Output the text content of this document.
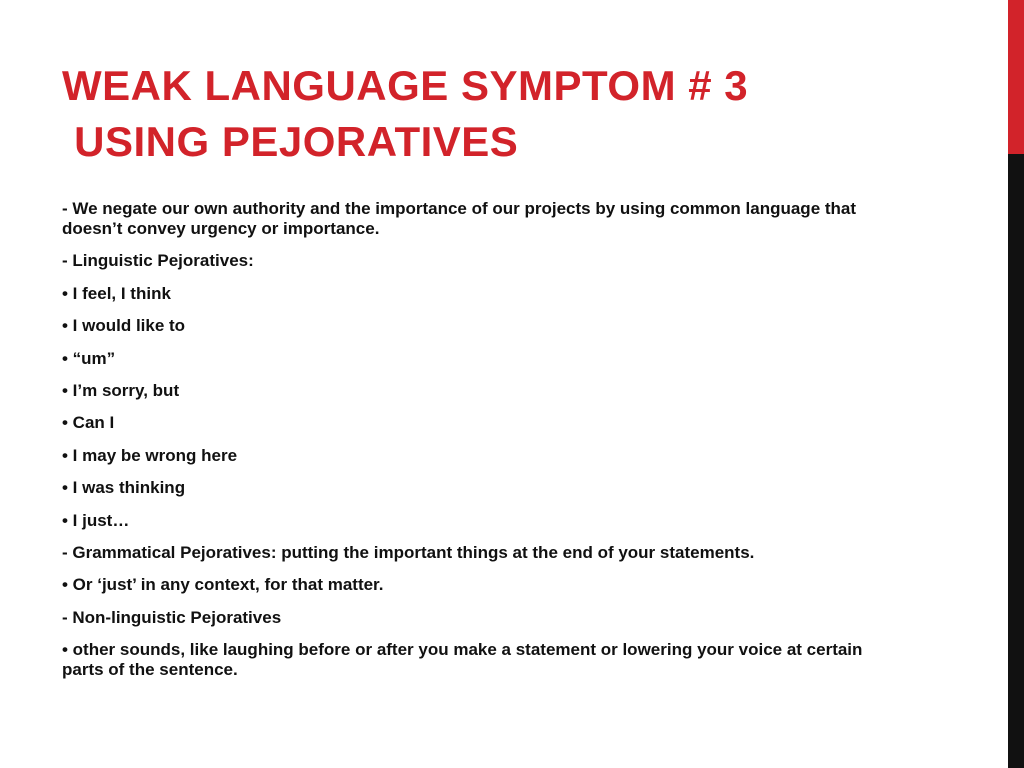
WEAK LANGUAGE SYMPTOM # 3
USING PEJORATIVES

- We negate our own authority and the importance of our projects by using common language that doesn’t convey urgency or importance.

- Linguistic Pejoratives:

• I feel, I think

• I would like to

• “um”

• I’m sorry, but

• Can I

• I may be wrong here

• I was thinking

• I just…

- Grammatical Pejoratives: putting the important things at the end of your statements.

• Or ‘just’ in any context, for that matter.

- Non-linguistic Pejoratives

• other sounds, like laughing before or after you make a statement or lowering your voice at certain parts of the sentence.
